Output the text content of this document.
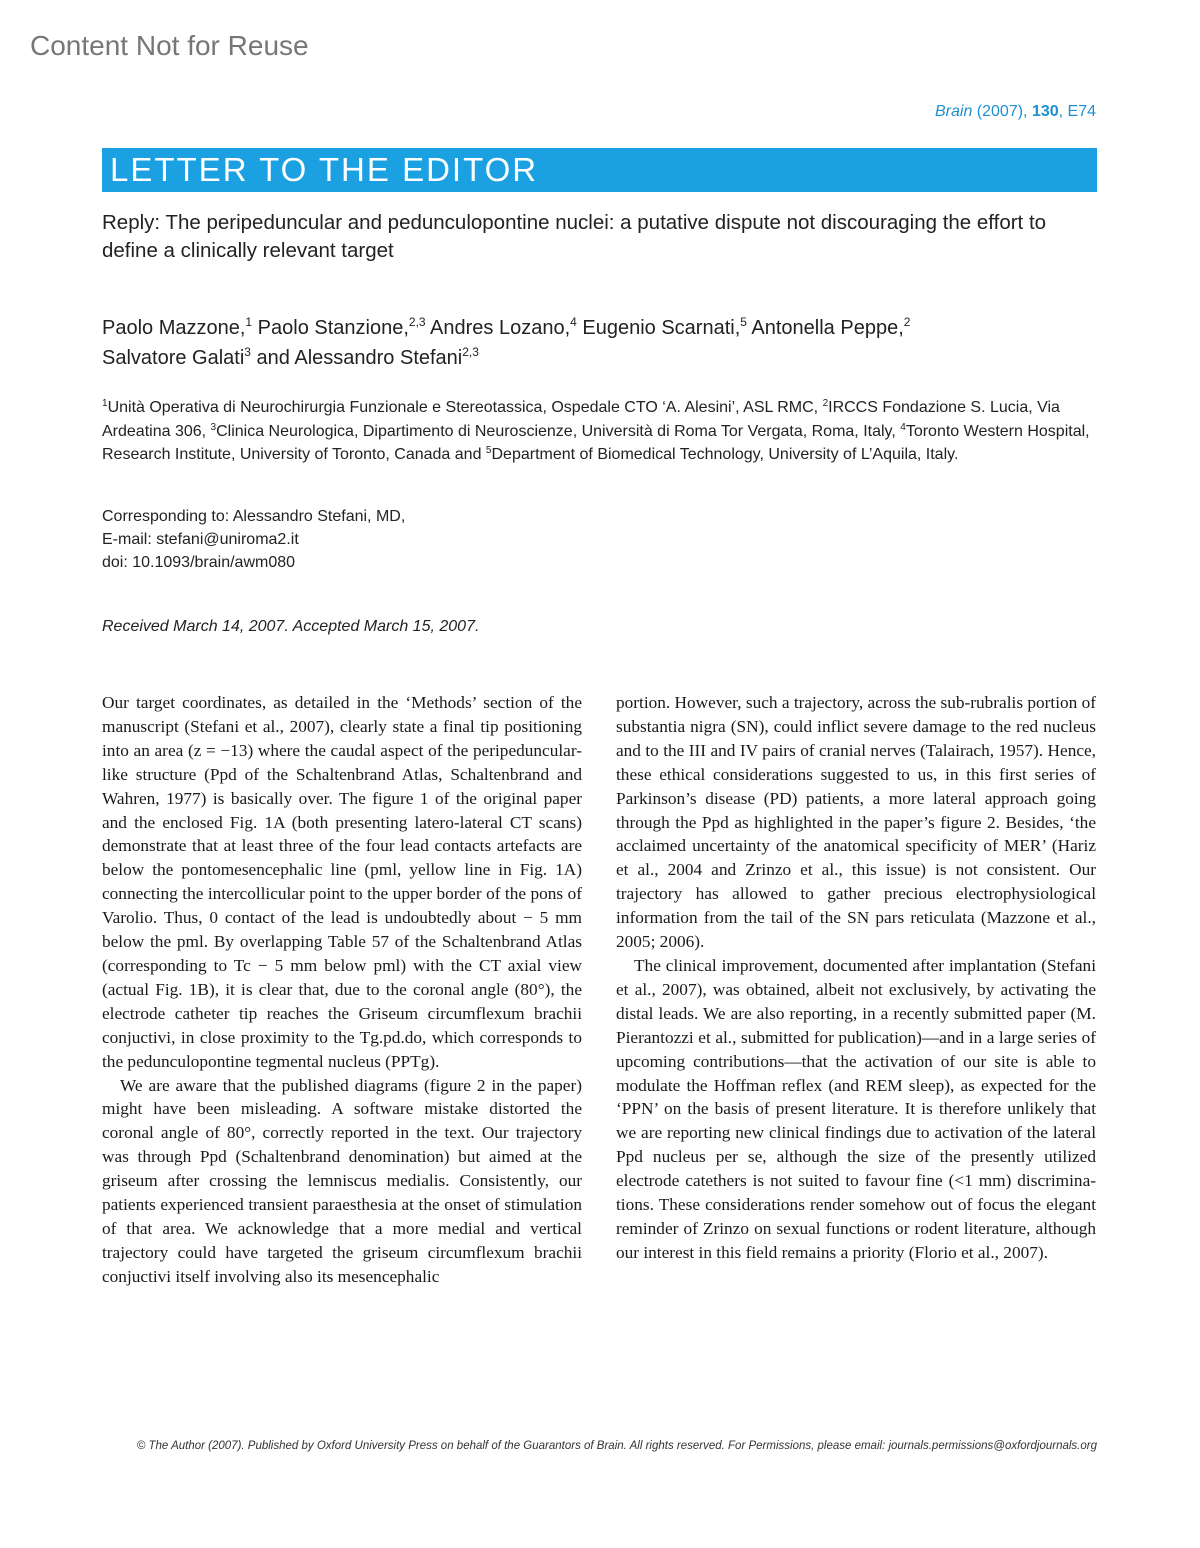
Content Not for Reuse
Brain (2007), 130, E74
LETTER TO THE EDITOR
Reply: The peripeduncular and pedunculopontine nuclei: a putative dispute not discouraging the effort to define a clinically relevant target
Paolo Mazzone,$^1$ Paolo Stanzione,$^{2,3}$ Andres Lozano,$^4$ Eugenio Scarnati,$^5$ Antonella Peppe,$^2$
Salvatore Galati$^3$ and Alessandro Stefani$^{2,3}$
$^1$Unità Operativa di Neurochirurgia Funzionale e Stereotassica, Ospedale CTO ‘A. Alesini’, ASL RMC, $^2$IRCCS Fondazione S. Lucia, Via Ardeatina 306, $^3$Clinica Neurologica, Dipartimento di Neuroscienze, Università di Roma Tor Vergata, Roma, Italy, $^4$Toronto Western Hospital, Research Institute, University of Toronto, Canada and $^5$Department of Biomedical Technology, University of L’Aquila, Italy.
Corresponding to: Alessandro Stefani, MD,
E-mail: stefani@uniroma2.it
doi: 10.1093/brain/awm080
Received March 14, 2007. Accepted March 15, 2007.

Our target coordinates, as detailed in the ‘Methods’ section of the manuscript (Stefani et al., 2007), clearly state a final tip positioning into an area (z = −13) where the caudal aspect of the peripeduncular-like structure (Ppd of the Schaltenbrand Atlas, Schaltenbrand and Wahren, 1977) is basically over. The figure 1 of the original paper and the enclosed Fig. 1A (both presenting latero-lateral CT scans) demonstrate that at least three of the four lead contacts artefacts are below the pontomesencephalic line (pml, yellow line in Fig. 1A) connecting the intercollicular point to the upper border of the pons of Varolio. Thus, 0 contact of the lead is undoubtedly about − 5 mm below the pml. By overlapping Table 57 of the Schaltenbrand Atlas (corresponding to Tc − 5 mm below pml) with the CT axial view (actual Fig. 1B), it is clear that, due to the coronal angle (80°), the electrode catheter tip reaches the Griseum circumflexum brachii conjuctivi, in close proximity to the Tg.pd.do, which corresponds to the pedunculopontine tegmental nucleus (PPTg).

We are aware that the published diagrams (figure 2 in the paper) might have been misleading. A software mistake distorted the coronal angle of 80°, correctly reported in the text. Our trajectory was through Ppd (Schaltenbrand denomination) but aimed at the griseum after crossing the lemniscus medialis. Consistently, our patients experienced transient paraesthesia at the onset of stimulation of that area. We acknowledge that a more medial and vertical trajectory could have targeted the griseum circumflexum brachii conjuctivi itself involving also its mesencephalic

portion. However, such a trajectory, across the sub-rubralis portion of substantia nigra (SN), could inflict severe damage to the red nucleus and to the III and IV pairs of cranial nerves (Talairach, 1957). Hence, these ethical considerations suggested to us, in this first series of Parkinson’s disease (PD) patients, a more lateral approach going through the Ppd as highlighted in the paper’s figure 2. Besides, ‘the acclaimed uncertainty of the anatomical specificity of MER’ (Hariz et al., 2004 and Zrinzo et al., this issue) is not consistent. Our trajectory has allowed to gather precious electrophysiological information from the tail of the SN pars reticulata (Mazzone et al., 2005; 2006).

The clinical improvement, documented after implantation (Stefani et al., 2007), was obtained, albeit not exclusively, by activating the distal leads. We are also reporting, in a recently submitted paper (M. Pierantozzi et al., submitted for publication)—and in a large series of upcoming contributions—that the activation of our site is able to modulate the Hoffman reflex (and REM sleep), as expected for the ‘PPN’ on the basis of present literature. It is therefore unlikely that we are reporting new clinical findings due to activation of the lateral Ppd nucleus per se, although the size of the presently utilized electrode catethers is not suited to favour fine (<1 mm) discriminations. These considerations render somehow out of focus the elegant reminder of Zrinzo on sexual functions or rodent literature, although our interest in this field remains a priority (Florio et al., 2007).

© The Author (2007). Published by Oxford University Press on behalf of the Guarantors of Brain. All rights reserved. For Permissions, please email: journals.permissions@oxfordjournals.org
